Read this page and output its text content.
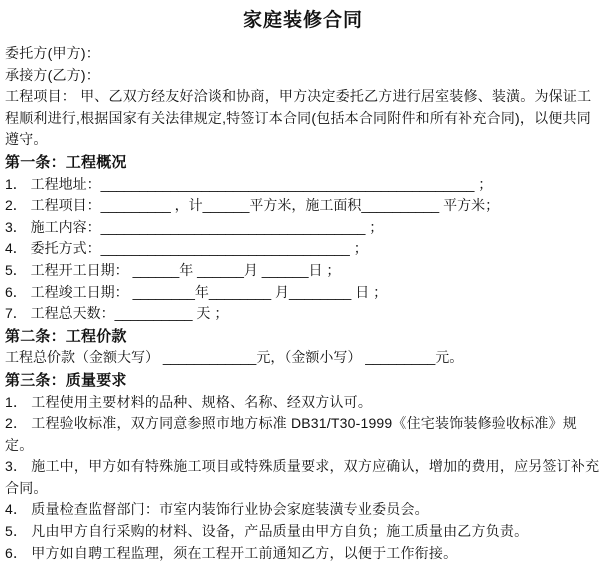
家庭装修合同

委托方(甲方)：

承接方(乙方)：

工程项目： 甲、乙双方经友好洽谈和协商，甲方决定委托乙方进行居室装修、装潢。为保证工程顺利进行,根据国家有关法律规定,特签订本合同(包括本合同附件和所有补充合同)，以便共同遵守。

第一条：工程概况

1． 工程地址：________________________________________________ ；

2． 工程项目：_________ ，计______平方米，施工面积__________ 平方米；

3． 施工内容：__________________________________ ；

4． 委托方式：________________________________ ；

5． 工程开工日期： ______年 ______月 ______日 ；

6． 工程竣工日期： ________年________ 月________ 日 ；

7． 工程总天数：__________ 天 ；

第二条：工程价款

工程总价款（金额大写） ____________元，（金额小写） _________元。

第三条：质量要求

1． 工程使用主要材料的品种、规格、名称、经双方认可。

2． 工程验收标准，双方同意参照市地方标准 DB31/T30-1999《住宅装饰装修验收标准》规定。

3． 施工中，甲方如有特殊施工项目或特殊质量要求，双方应确认，增加的费用，应另签订补充合同。

4． 质量检查监督部门：市室内装饰行业协会家庭装潢专业委员会。

5． 凡由甲方自行采购的材料、设备，产品质量由甲方自负；施工质量由乙方负责。

6． 甲方如自聘工程监理，须在工程开工前通知乙方，以便于工作衔接。
